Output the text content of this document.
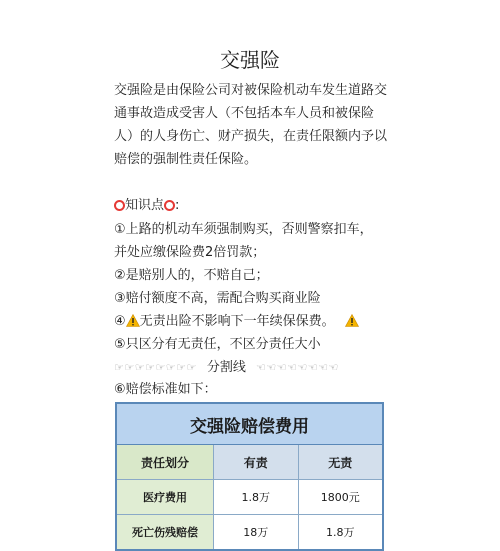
交强险

交强险是由保险公司对被保险机动车发生道路交通事故造成受害人（不包括本车人员和被保险人）的人身伤亡、财产损失，在责任限额内予以赔偿的强制性责任保险。

知识点 :
①上路的机动车须强制购买，否则警察扣车，
并处应缴保险费2倍罚款；
②是赔别人的，不赔自己；
③赔付额度不高，需配合购买商业险
④ 无责出险不影响下一年续保保费。
⑤只区分有无责任，不区分责任大小
☞☞☞☞☞☞☞☞ 分割线 ☜☜☜☜☜☜☜☜
⑥赔偿标准如下：
交强险赔偿费用
责任划分	有责	无责
医疗费用	1.8万	1800元
死亡伤残赔偿	18万	1.8万
